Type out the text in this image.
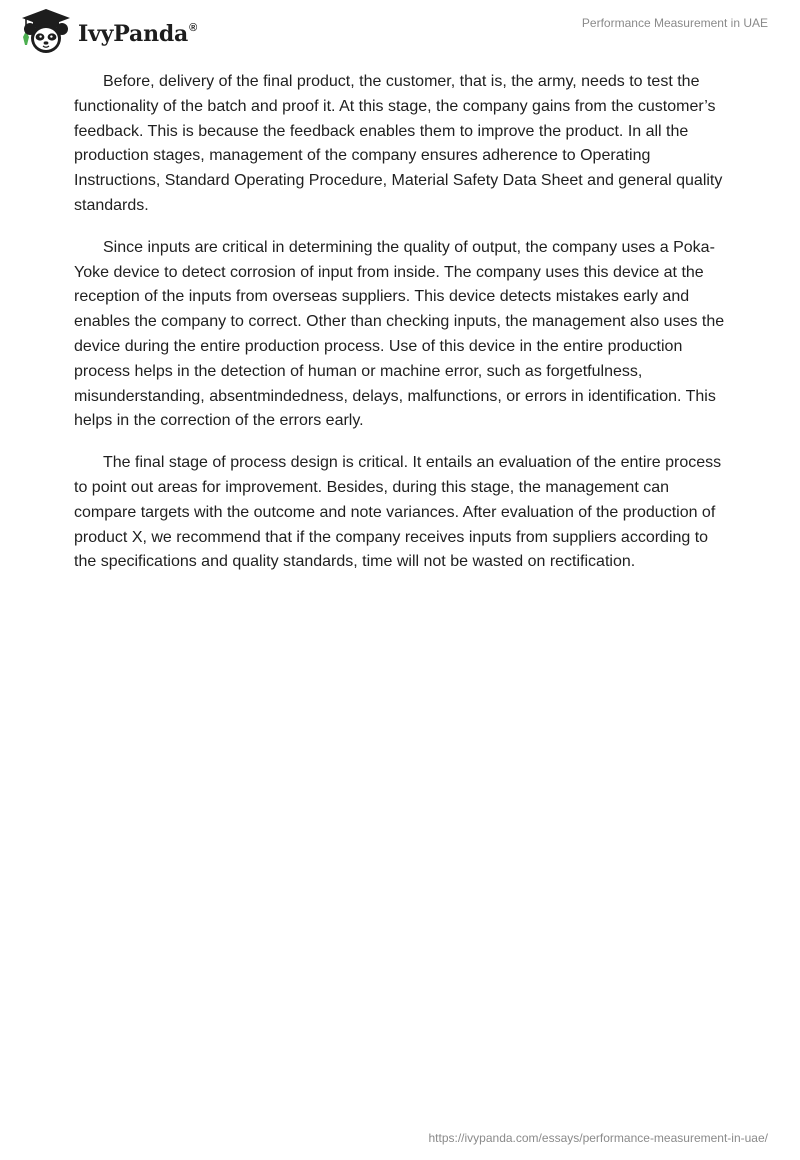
IvyPanda®	Performance Measurement in UAE

Before, delivery of the final product, the customer, that is, the army, needs to test the functionality of the batch and proof it. At this stage, the company gains from the customer’s feedback. This is because the feedback enables them to improve the product. In all the production stages, management of the company ensures adherence to Operating Instructions, Standard Operating Procedure, Material Safety Data Sheet and general quality standards.

Since inputs are critical in determining the quality of output, the company uses a Poka-Yoke device to detect corrosion of input from inside. The company uses this device at the reception of the inputs from overseas suppliers. This device detects mistakes early and enables the company to correct. Other than checking inputs, the management also uses the device during the entire production process. Use of this device in the entire production process helps in the detection of human or machine error, such as forgetfulness, misunderstanding, absentmindedness, delays, malfunctions, or errors in identification. This helps in the correction of the errors early.

The final stage of process design is critical. It entails an evaluation of the entire process to point out areas for improvement. Besides, during this stage, the management can compare targets with the outcome and note variances. After evaluation of the production of product X, we recommend that if the company receives inputs from suppliers according to the specifications and quality standards, time will not be wasted on rectification.

https://ivypanda.com/essays/performance-measurement-in-uae/
